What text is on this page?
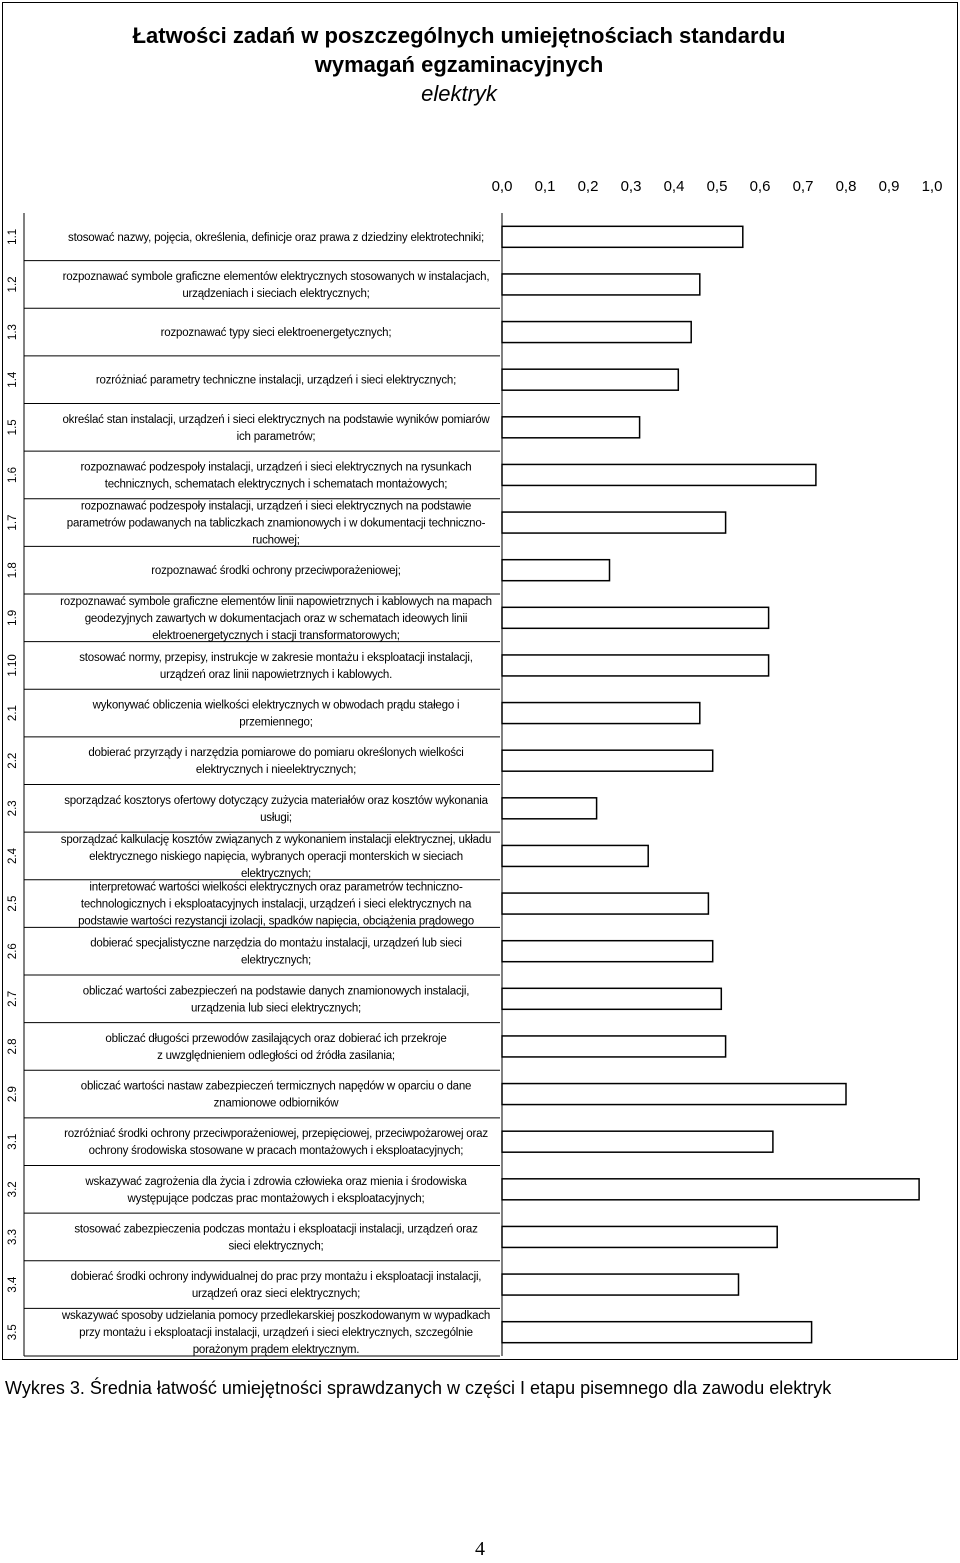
Łatwości zadań w poszczególnych umiejętnościach standardu
wymagań egzaminacyjnych
elektryk
0,0 0,1 0,2 0,3 0,4 0,5 0,6 0,7 0,8 0,9 1,0
1.1	stosować nazwy, pojęcia, określenia, definicje oraz prawa z dziedziny elektrotechniki;
1.2	rozpoznawać symbole graficzne elementów elektrycznych stosowanych w instalacjach,
urządzeniach i sieciach elektrycznych;
1.3	rozpoznawać typy sieci elektroenergetycznych;
1.4	rozróżniać parametry techniczne instalacji, urządzeń i sieci elektrycznych;
1.5	określać stan instalacji, urządzeń i sieci elektrycznych na podstawie wyników pomiarów
ich parametrów;
1.6	rozpoznawać podzespoły instalacji, urządzeń i sieci elektrycznych na rysunkach
technicznych, schematach elektrycznych i schematach montażowych;
1.7
rozpoznawać podzespoły instalacji, urządzeń i sieci elektrycznych na podstawie
parametrów podawanych na tabliczkach znamionowych i w dokumentacji techniczno-
ruchowej;
1.8	rozpoznawać środki ochrony przeciwporażeniowej;
1.9
rozpoznawać symbole graficzne elementów linii napowietrznych i kablowych na mapach
geodezyjnych zawartych w dokumentacjach oraz w schematach ideowych linii
elektroenergetycznych i stacji transformatorowych;
1.10	stosować normy, przepisy, instrukcje w zakresie montażu i eksploatacji instalacji,
urządzeń oraz linii napowietrznych i kablowych.
2.1	wykonywać obliczenia wielkości elektrycznych w obwodach prądu stałego i
przemiennego;
2.2	dobierać przyrządy i narzędzia pomiarowe do pomiaru określonych wielkości
elektrycznych i nieelektrycznych;
2.3	sporządzać kosztorys ofertowy dotyczący zużycia materiałów oraz kosztów wykonania
usługi;
2.4
sporządzać kalkulację kosztów związanych z wykonaniem instalacji elektrycznej, układu
elektrycznego niskiego napięcia, wybranych operacji monterskich w sieciach
elektrycznych;
2.5
interpretować wartości wielkości elektrycznych oraz parametrów techniczno-
technologicznych i eksploatacyjnych instalacji, urządzeń i sieci elektrycznych na
podstawie wartości rezystancji izolacji, spadków napięcia, obciążenia prądowego
2.6	dobierać specjalistyczne narzędzia do montażu instalacji, urządzeń lub sieci
elektrycznych;
2.7	obliczać wartości zabezpieczeń na podstawie danych znamionowych instalacji,
urządzenia lub sieci elektrycznych;
2.8	obliczać długości przewodów zasilających oraz dobierać ich przekroje
z uwzględnieniem odległości od źródła zasilania;
2.9	obliczać wartości nastaw zabezpieczeń termicznych napędów w oparciu o dane
znamionowe odbiorników
3.1	rozróżniać środki ochrony przeciwporażeniowej, przepięciowej, przeciwpożarowej oraz
ochrony środowiska stosowane w pracach montażowych i eksploatacyjnych;
3.2	wskazywać zagrożenia dla życia i zdrowia człowieka oraz mienia i środowiska
występujące podczas prac montażowych i eksploatacyjnych;
3.3	stosować zabezpieczenia podczas montażu i eksploatacji instalacji, urządzeń oraz
sieci elektrycznych;
3.4	dobierać środki ochrony indywidualnej do prac przy montażu i eksploatacji instalacji,
urządzeń oraz sieci elektrycznych;
3.5
wskazywać sposoby udzielania pomocy przedlekarskiej poszkodowanym w wypadkach
przy montażu i eksploatacji instalacji, urządzeń i sieci elektrycznych, szczególnie
porażonym prądem elektrycznym.
Wykres 3. Średnia łatwość umiejętności sprawdzanych w części I etapu pisemnego dla zawodu elektryk
4
